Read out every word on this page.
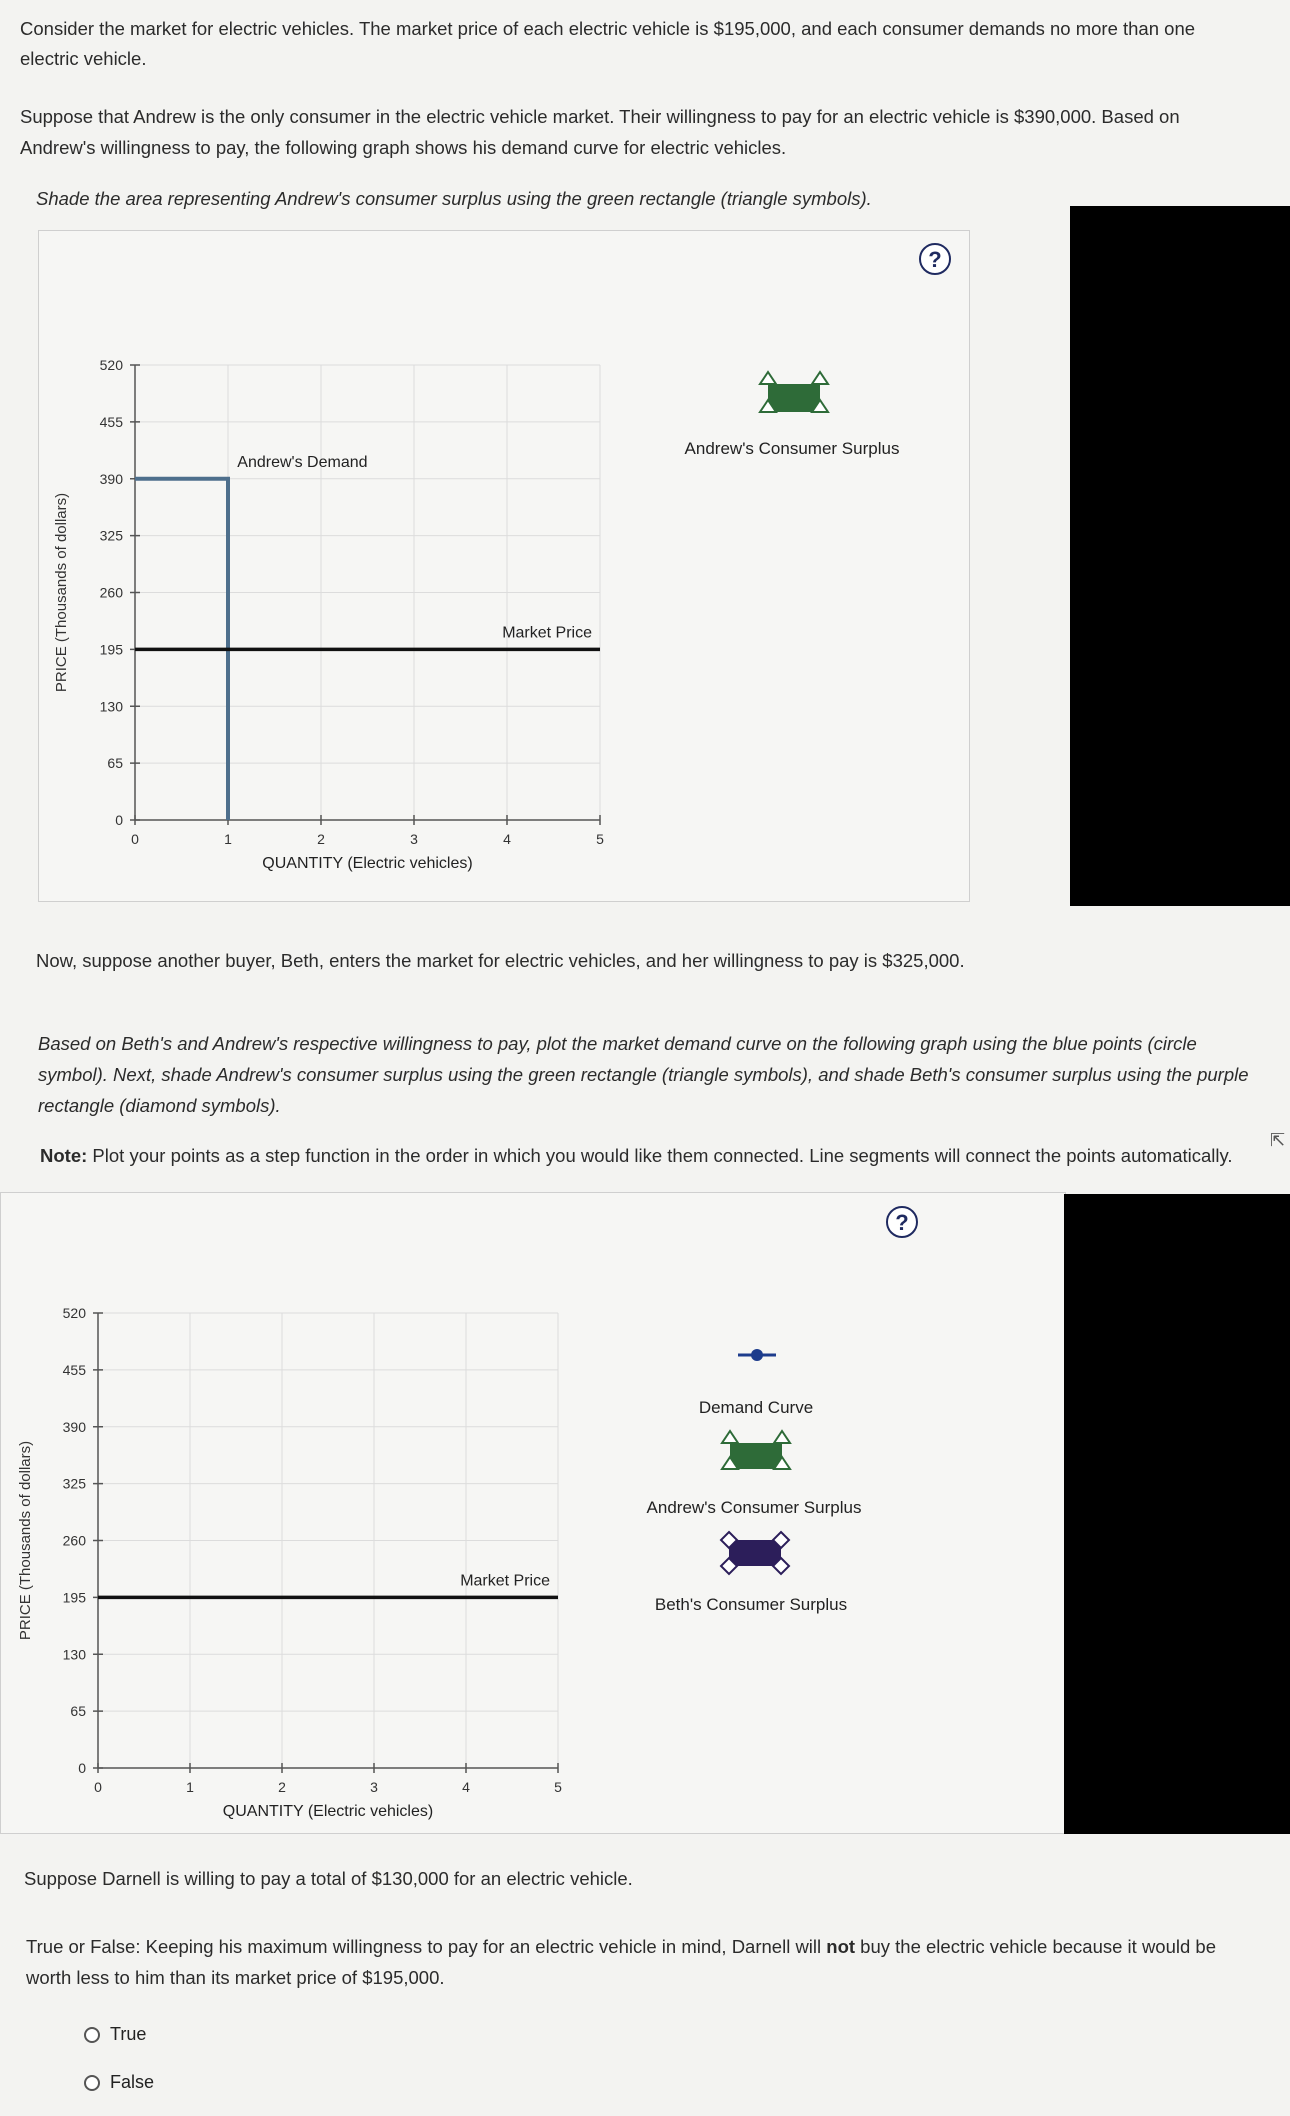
Consider the market for electric vehicles. The market price of each electric vehicle is $195,000, and each consumer demands no more than one
electric vehicle.
Suppose that Andrew is the only consumer in the electric vehicle market. Their willingness to pay for an electric vehicle is $390,000. Based on
Andrew's willingness to pay, the following graph shows his demand curve for electric vehicles.
Shade the area representing Andrew's consumer surplus using the green rectangle (triangle symbols).
?
520
455
390
325
260
195
130
65
0
0	1	2	3	4	5
PRICE (Thousands of dollars)
QUANTITY (Electric vehicles)
Market Price
Andrew's Demand
Andrew's Consumer Surplus
Now, suppose another buyer, Beth, enters the market for electric vehicles, and her willingness to pay is $325,000.
Based on Beth's and Andrew's respective willingness to pay, plot the market demand curve on the following graph using the blue points (circle
symbol). Next, shade Andrew's consumer surplus using the green rectangle (triangle symbols), and shade Beth's consumer surplus using the purple
rectangle (diamond symbols).
Note: Plot your points as a step function in the order in which you would like them connected. Line segments will connect the points automatically.
⇱
?
520
455
390
325
260
195
130
65
0
0	1	2	3	4	5
PRICE (Thousands of dollars)
QUANTITY (Electric vehicles)
Market Price
Demand Curve
Andrew's Consumer Surplus
Beth's Consumer Surplus
Suppose Darnell is willing to pay a total of $130,000 for an electric vehicle.
True or False: Keeping his maximum willingness to pay for an electric vehicle in mind, Darnell will not buy the electric vehicle because it would be
worth less to him than its market price of $195,000.
True
False
